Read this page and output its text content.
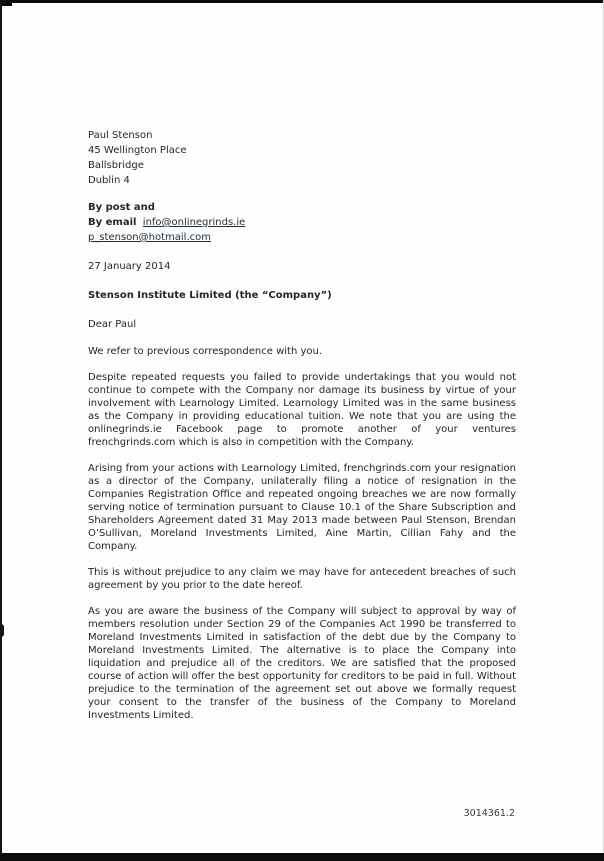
Paul Stenson
45 Wellington Place
Ballsbridge
Dublin 4
By post and
By email info@onlinegrinds.ie
p_stenson@hotmail.com
27 January 2014
Stenson Institute Limited (the “Company”)
Dear Paul

We refer to previous correspondence with you.

Despite repeated requests you failed to provide undertakings that you would not continue to compete with the Company nor damage its business by virtue of your involvement with Learnology Limited. Learnology Limited was in the same business as the Company in providing educational tuition. We note that you are using the onlinegrinds.ie Facebook page to promote another of your ventures frenchgrinds.com which is also in competition with the Company.

Arising from your actions with Learnology Limited, frenchgrinds.com your resignation as a director of the Company, unilaterally filing a notice of resignation in the Companies Registration Office and repeated ongoing breaches we are now formally serving notice of termination pursuant to Clause 10.1 of the Share Subscription and Shareholders Agreement dated 31 May 2013 made between Paul Stenson, Brendan O’Sullivan, Moreland Investments Limited, Aine Martin, Cillian Fahy and the Company.

This is without prejudice to any claim we may have for antecedent breaches of such agreement by you prior to the date hereof.

As you are aware the business of the Company will subject to approval by way of members resolution under Section 29 of the Companies Act 1990 be transferred to Moreland Investments Limited in satisfaction of the debt due by the Company to Moreland Investments Limited. The alternative is to place the Company into liquidation and prejudice all of the creditors. We are satisfied that the proposed course of action will offer the best opportunity for creditors to be paid in full. Without prejudice to the termination of the agreement set out above we formally request your consent to the transfer of the business of the Company to Moreland Investments Limited.

3014361.2
